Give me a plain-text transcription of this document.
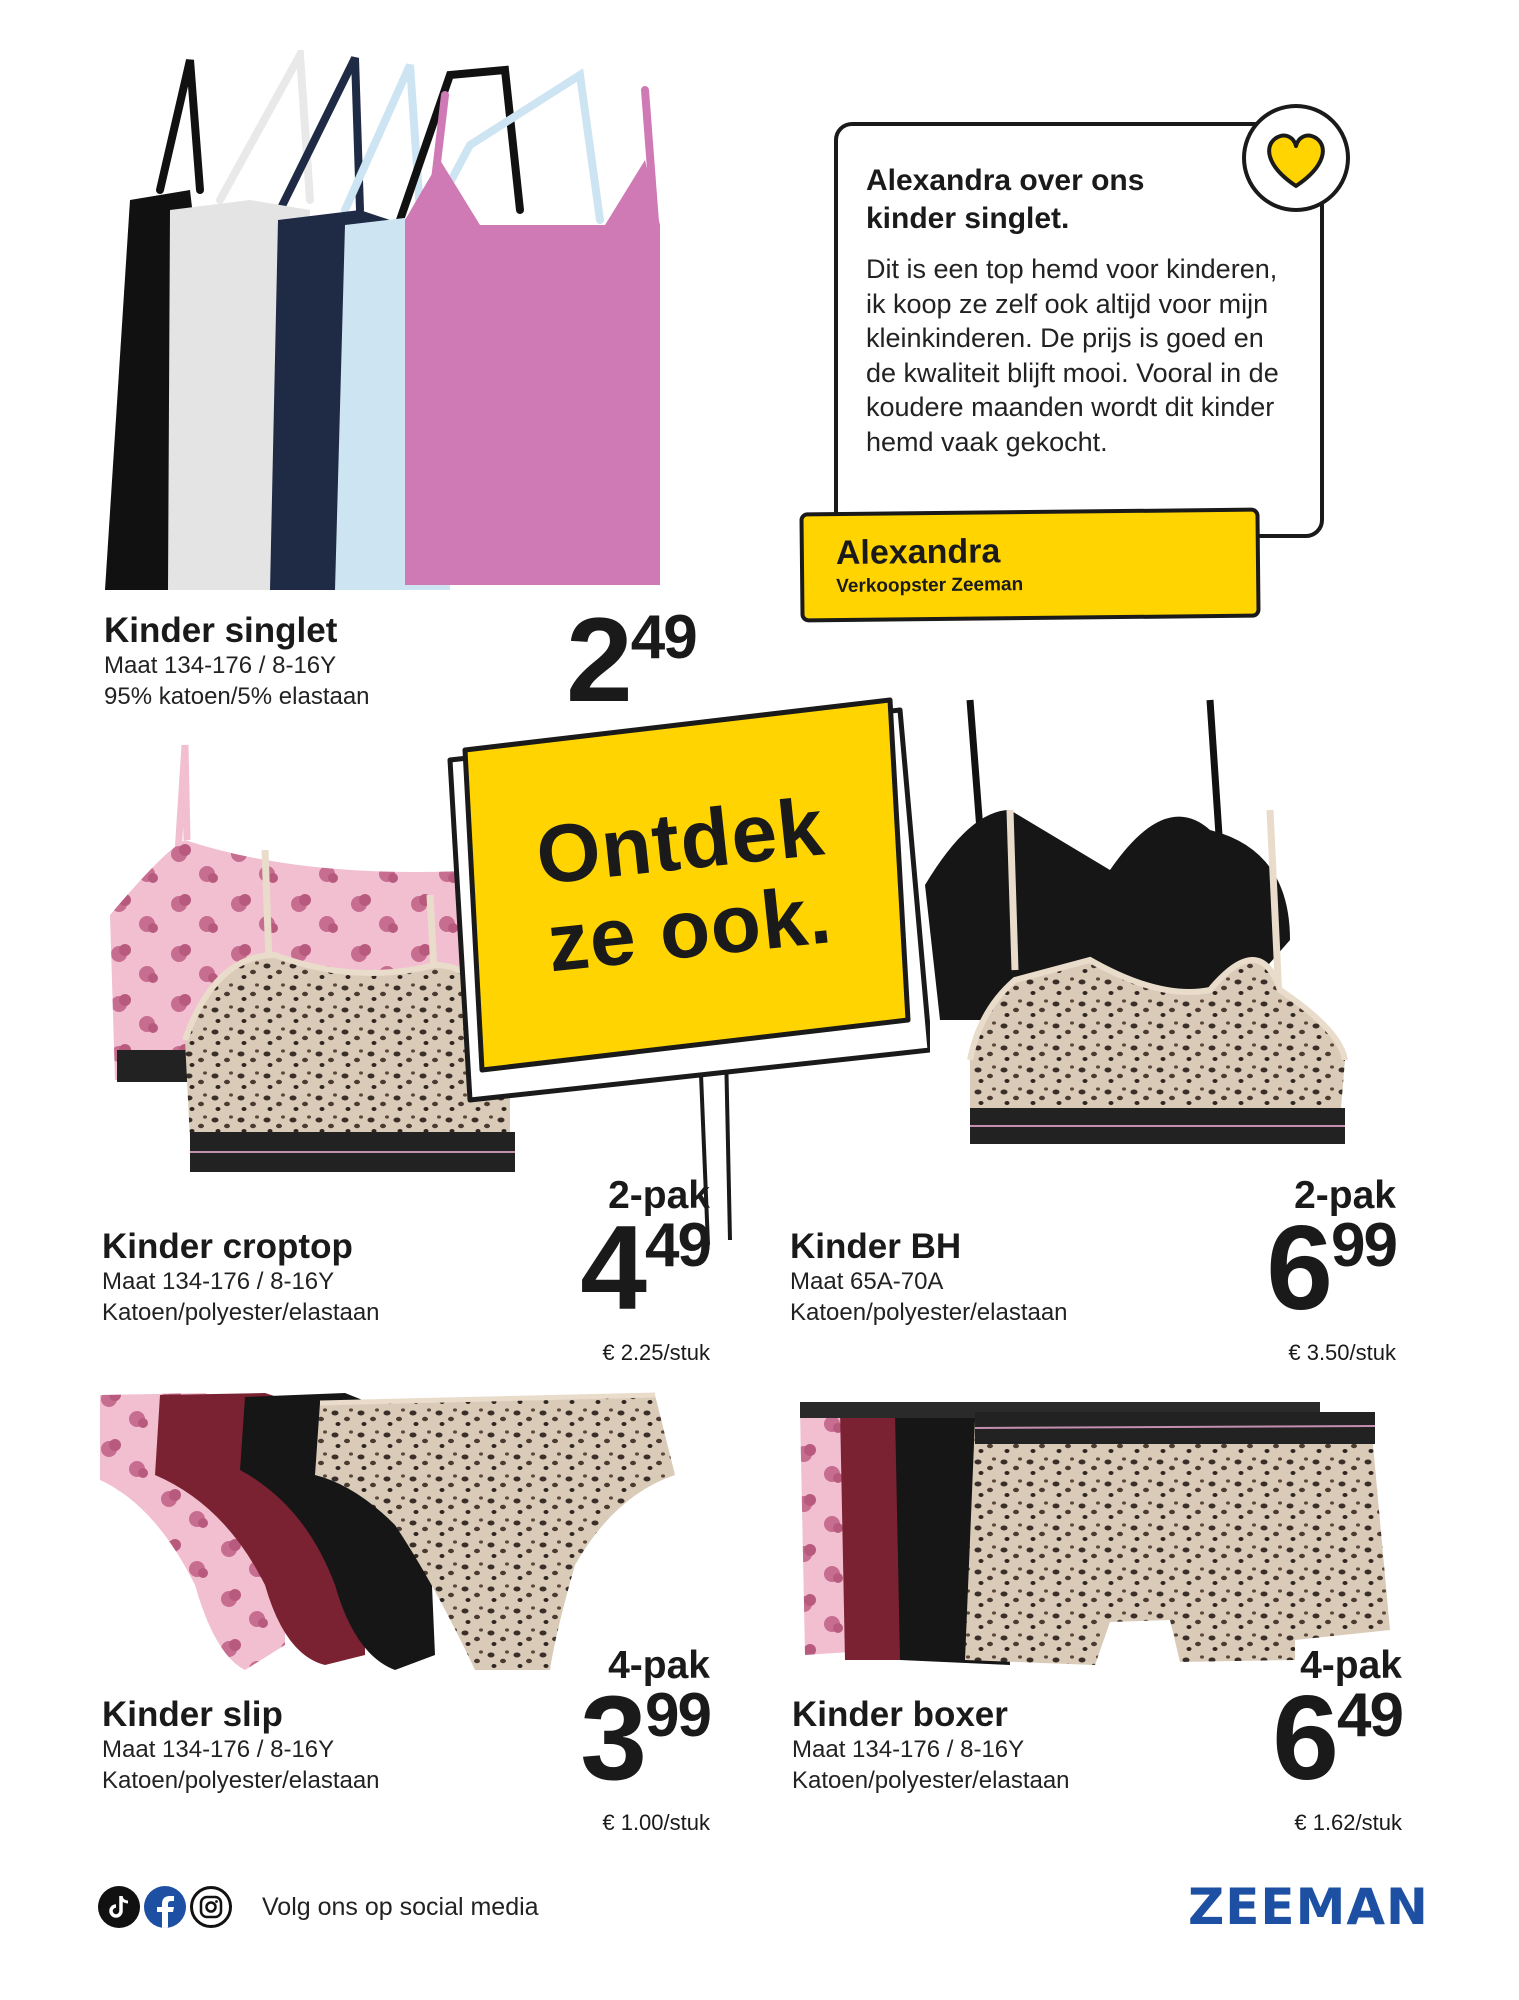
Alexandra over ons kinder singlet.
Dit is een top hemd voor kinderen, ik koop ze zelf ook altijd voor mijn kleinkinderen. De prijs is goed en de kwaliteit blijft mooi. Vooral in de koudere maanden wordt dit kinder hemd vaak gekocht.
Alexandra
Verkoopster Zeeman
Kinder singlet
Maat 134-176 / 8-16Y
95% katoen/5% elastaan	2 49
Ontdek
ze ook.
Kinder croptop
Maat 134-176 / 8-16Y
Katoen/polyester/elastaan
2-pak
4 49
€ 2.25/stuk
Kinder BH
Maat 65A-70A
Katoen/polyester/elastaan
2-pak
6 99
€ 3.50/stuk
Kinder slip
Maat 134-176 / 8-16Y
Katoen/polyester/elastaan
4-pak
3 99
€ 1.00/stuk
Kinder boxer
Maat 134-176 / 8-16Y
Katoen/polyester/elastaan
4-pak
6 49
€ 1.62/stuk
Volg ons op social media	ZEEMAN
